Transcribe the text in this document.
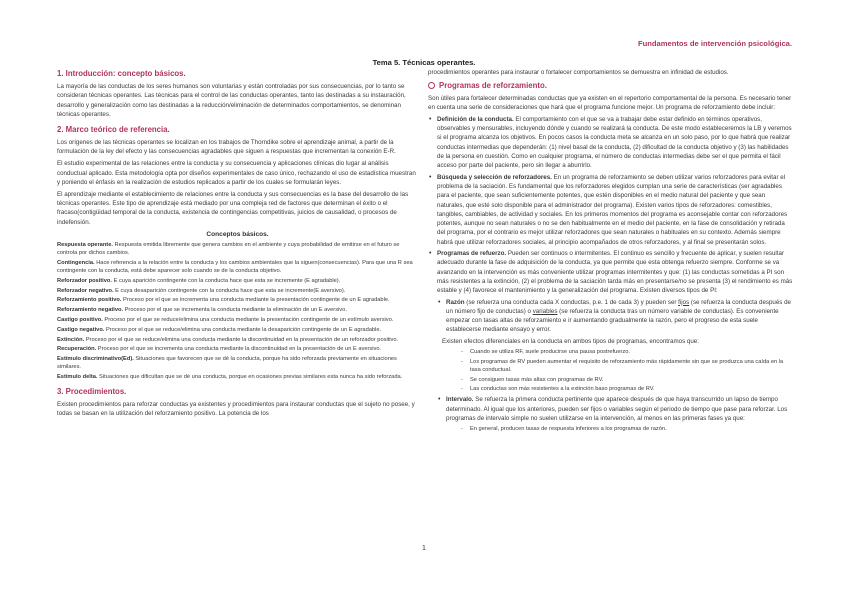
Fundamentos de intervención psicológica.
Tema 5. Técnicas operantes.
1. Introducción: concepto básicos.

La mayoría de las conductas de los seres humanos son voluntarias y están controladas por sus consecuencias, por lo tanto se consideran técnicas operantes. Las técnicas para el control de las conductas operantes, tanto las destinadas a su instauración, desarrollo y generalización como las destinadas a la reducción/eliminación de determinados comportamientos, se denominan técnicas operantes.

2. Marco teórico de referencia.

Los orígenes de las técnicas operantes se localizan en los trabajos de Thorndike sobre el aprendizaje animal, a partir de la formulación de la ley del efecto y las consecuencias agradables que siguen a respuestas que incrementan la conexión E-R.

El estudio experimental de las relaciones entre la conducta y su consecuencia y aplicaciones clínicas dio lugar al análisis conductual aplicado. Esta metodología opta por diseños experimentales de caso único, rechazando el uso de estadística muestran y poniendo el énfasis en la realización de estudios replicados a partir de los cuales se formularán leyes.

El aprendizaje mediante el establecimiento de relaciones entre la conducta y sus consecuencias es la base del desarrollo de las técnicas operantes. Este tipo de aprendizaje está mediado por una compleja red de factores que determinan el éxito o el fracaso(contigüidad temporal de la conducta, existencia de contingencias competitivas, juicios de causalidad, o procesos de indefensión.

Conceptos básicos.
Respuesta operante. Respuesta emitida libremente que genera cambios en el ambiente y cuya probabilidad de emitirse en el futuro se controla por dichos cambios.
Contingencia. Hace referencia a la relación entre la conducta y los cambios ambientales que la siguen(consecuencias). Para que una R sea contingente con la conducta, está debe aparecer solo cuando se de la conducta objetivo.
Reforzador positivo. E cuya aparición contingente con la conducta hace que esta se incremente (E agradable).
Reforzador negativo. E cuya desaparición contingente con la conducta hace que esta se incremente(E aversivo).
Reforzamiento positivo. Proceso por el que se incrementa una conducta mediante la presentación contingente de un E agradable.
Reforzamiento negativo. Proceso por el que se incrementa la conducta mediante la eliminación de un E aversivo.
Castigo positivo. Proceso por el que se reduce/elimina una conducta mediante la presentación contingente de un estímulo aversivo.
Castigo negativo. Proceso por el que se reduce/elimina una conducta mediante la desaparición contingente de un E agradable.
Extinción. Proceso por el que se reduce/elimina una conducta mediante la discontinuidad en la presentación de un reforzador positivo.
Recuperación. Proceso por el que se incrementa una conducta mediante la discontinuidad en la presentación de un E aversivo.
Estímulo discriminativo(Ed). Situaciones que favorecen que se dé la conducta, porque ha sido reforzada previamente en situaciones similares.
Estímulo delta. Situaciones que dificultan que se dé una conducta, porque en ocasiones previas similares esta nunca ha sido reforzada.
3. Procedimientos.

Existen procedimientos para reforzar conductas ya existentes y procedimientos para instaurar conductas que el sujeto no posee, y todas se basan en la utilización del reforzamiento positivo. La potencia de los

procedimientos operantes para instaurar o fortalecer comportamientos se demuestra en infinidad de estudios.

Programas de reforzamiento.

Son útiles para fortalecer determinadas conductas que ya existen en el repertorio comportamental de la persona. Es necesario tener en cuenta una serie de consideraciones que hará que el programa funcione mejor. Un programa de reforzamiento debe incluir:

• Definición de la conducta. El comportamiento con el que se va a trabajar debe estar definido en términos operativos, observables y mensurables, incluyendo dónde y cuando se realizará la conducta. De este modo estableceremos la LB y veremos si el programa alcanza los objetivos. En pocos casos la conducta meta se alcanza en un solo paso, por lo que habrá que realizar conductas intermedias que dependerán: (1) nivel basal de la conducta, (2) dificultad de la conducta objetivo y (3) las habilidades de la persona en cuestión. Como en cualquier programa, el número de conductas intermedias debe ser el que permita el fácil acceso por parte del paciente, pero sin llegar a aburrirlo.
• Búsqueda y selección de reforzadores. En un programa de reforzamiento se deben utilizar varios reforzadores para evitar el problema de la saciación. Es fundamental que los reforzadores elegidos cumplan una serie de características (ser agradables para el paciente, que sean suficientemente potentes, que estén disponibles en el medio natural del paciente y que sean naturales, que esté solo disponible para el administrador del programa). Existen varios tipos de reforzadores: comestibles, tangibles, cambiables, de actividad y sociales. En los primeros momentos del programa es aconsejable contar con reforzadores potentes, aunque no sean naturales o no se den habitualmente en el medio del paciente, en la fase de consolidación y retirada del programa, por el contrario es mejor utilizar reforzadores que sean naturales o habituales en su contexto. Además siempre habrá que utilizar reforzadores sociales, al principio acompañados de otros reforzadores, y al final se presentarán solos.
• Programas de refuerzo. Pueden ser continuos o intermitentes. El continuo es sencillo y frecuente de aplicar, y suelen resultar adecuado durante la fase de adquisición de la conducta, ya que permite que esta obtenga refuerzo siempre. Conforme se va avanzando en la intervención es más conveniente utilizar programas intermitentes y que: (1) las conductas sometidas a PI son más resistentes a la extinción, (2) el problema de la saciación tarda más en presentarse/no se presenta (3) el rendimiento es más estable y (4) favorece el mantenimiento y la generalización del programa. Existen diversos tipos de PI:
• Razón (se refuerza una conducta cada X conductas, p.e. 1 de cada 3) y pueden ser fijos (se refuerza la conducta después de un número fijo de conductas) o variables (se refuerza la conducta tras un número variable de conductas). Es conveniente empezar con tasas altas de reforzamiento e ir aumentando gradualmente la razón, pero el progreso de esta suele establecerse mediante ensayo y error.

Existen efectos diferenciales en la conducta en ambos tipos de programas, encontramos que:

- Cuando se utiliza RF, suele producirse una pausa postrefuerzo.
- Los programas de RV pueden aumentar el requisito de reforzamiento más rápidamente sin que se produzca una caída en la tasa conductual.
- Se consiguen tasas más altas con programas de RV.
- Las conductas son más resistentes a la extinción baso programas de RV.
• Intervalo. Se refuerza la primera conducta pertinente que aparece después de que haya transcurrido un lapso de tiempo determinado. Al igual que los anteriores, pueden ser fijos o variables según el periodo de tiempo que pase para reforzar. Los programas de intervalo simple no suelen utilizarse en la intervención, al menos en las primeras fases ya que:
- En general, producen tasas de respuesta inferiores a los programas de razón.
1
